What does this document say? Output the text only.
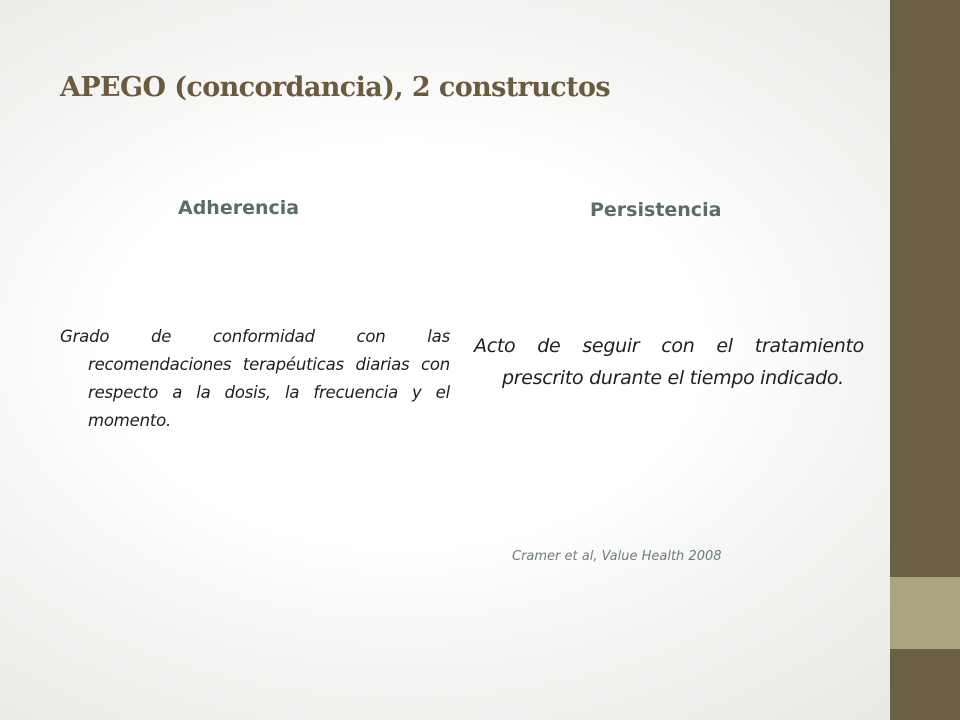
APEGO (concordancia), 2 constructos
Adherencia	Persistencia

Grado de conformidad con las recomendaciones terapéuticas diarias con respecto a la dosis, la frecuencia y el momento.

Acto de seguir con el tratamiento prescrito durante el tiempo indicado.

Cramer et al, Value Health 2008
